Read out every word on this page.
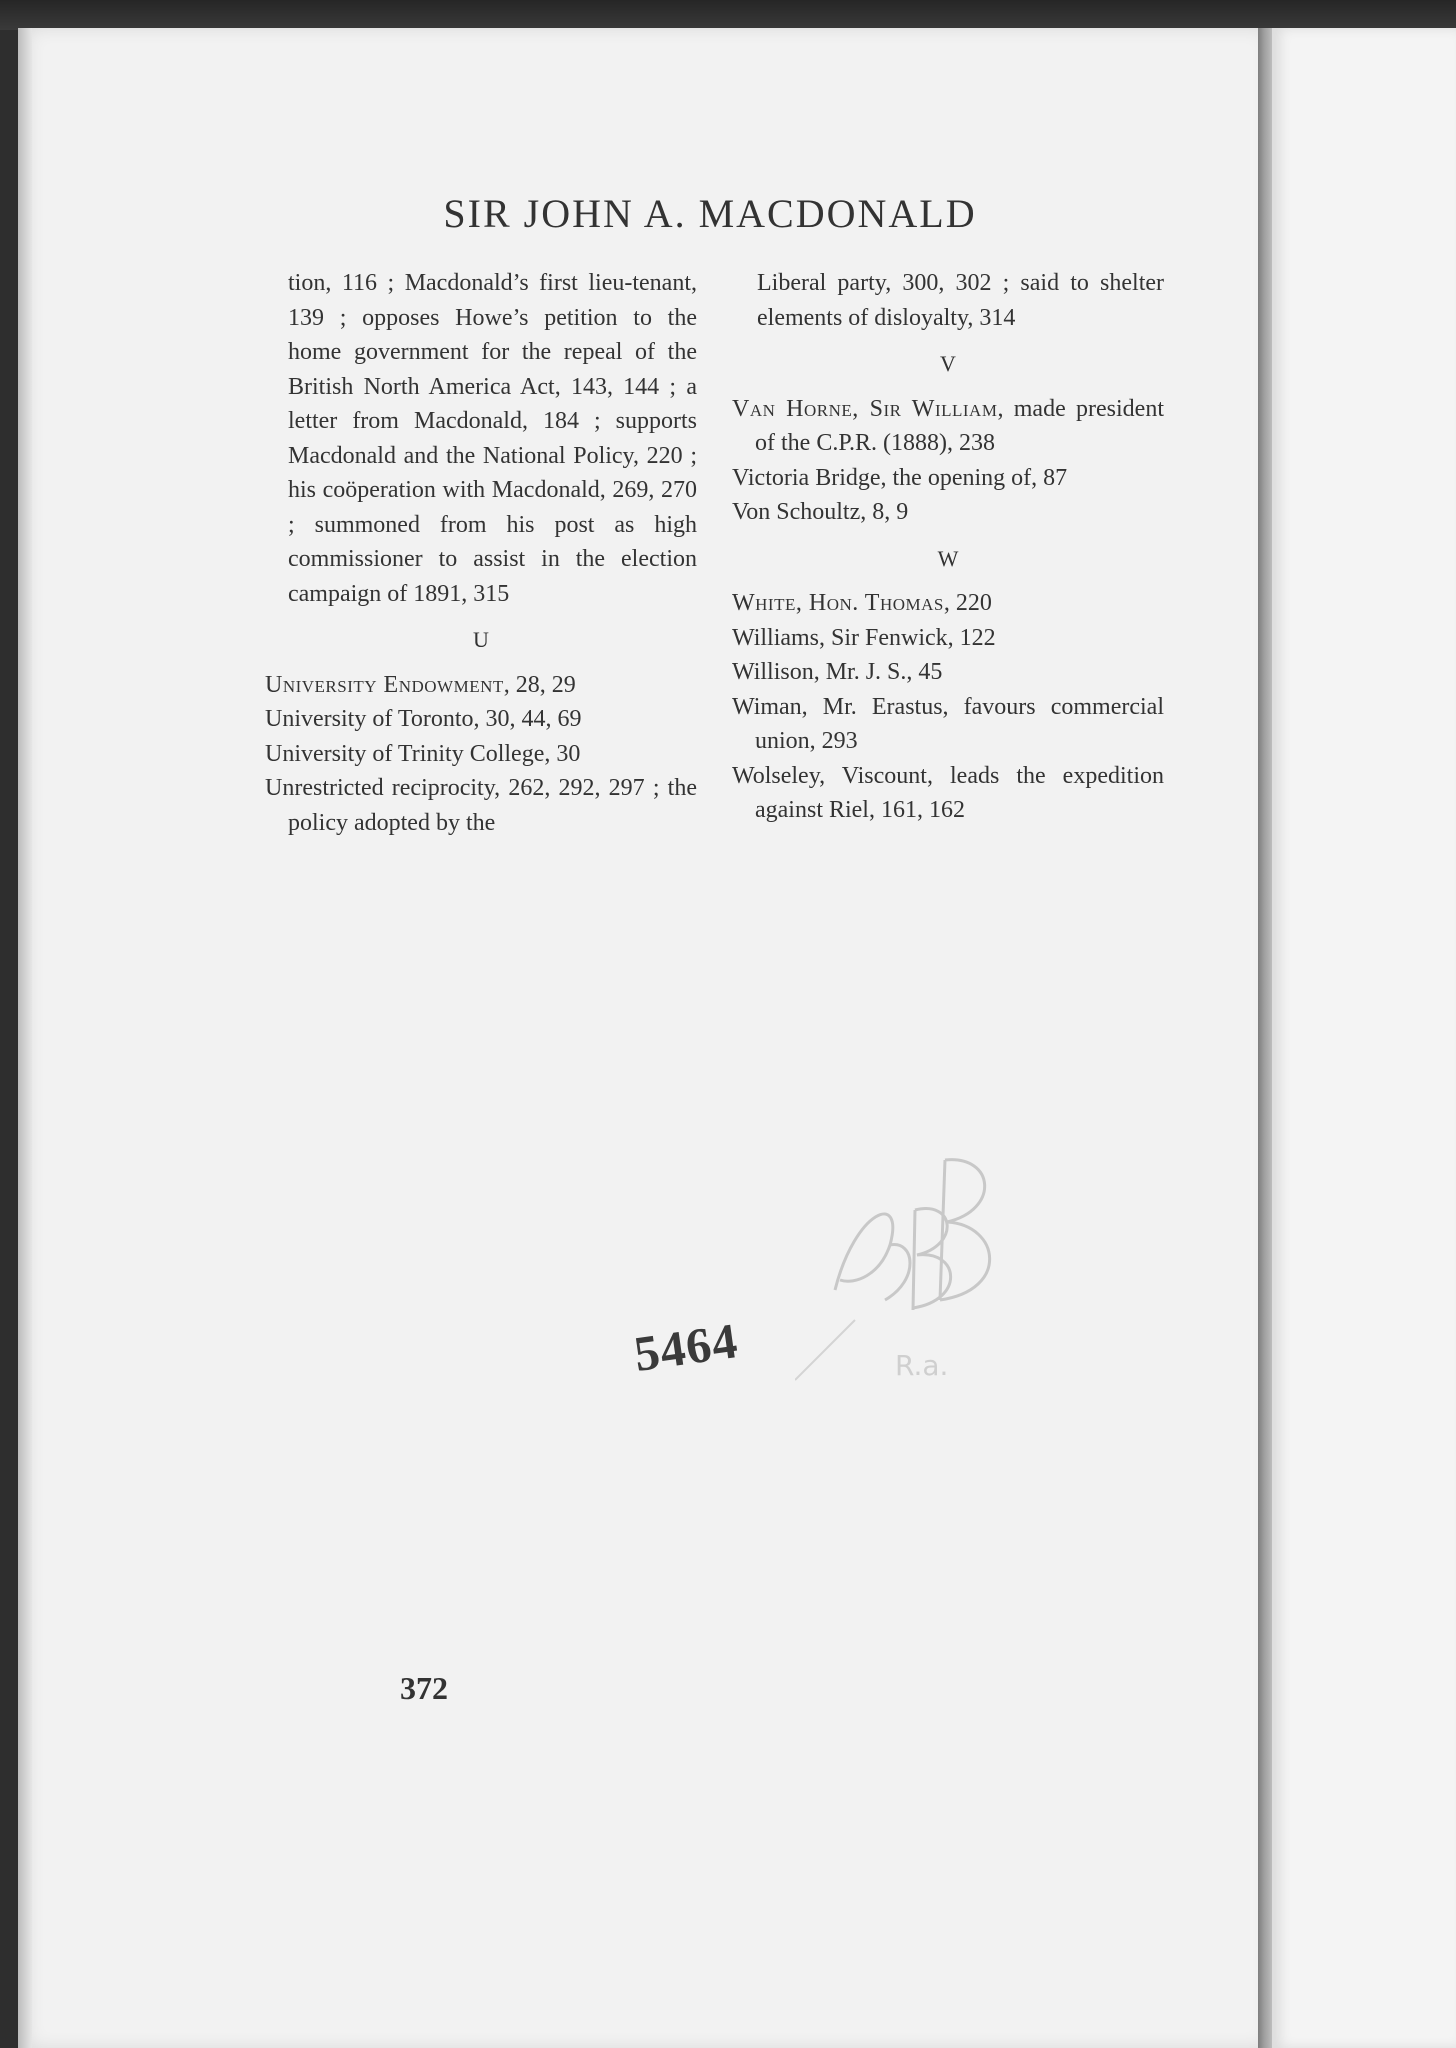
SIR JOHN A. MACDONALD

tion, 116 ; Macdonald’s first lieu-tenant, 139 ; opposes Howe’s petition to the home government for the repeal of the British North America Act, 143, 144 ; a letter from Macdonald, 184 ; supports Macdonald and the National Policy, 220 ; his coöperation with Macdonald, 269, 270 ; summoned from his post as high commissioner to assist in the election campaign of 1891, 315

U

University Endowment, 28, 29

University of Toronto, 30, 44, 69

University of Trinity College, 30

Unrestricted reciprocity, 262, 292, 297 ; the policy adopted by the

Liberal party, 300, 302 ; said to shelter elements of disloyalty, 314

V

Van Horne, Sir William, made president of the C.P.R. (1888), 238

Victoria Bridge, the opening of, 87

Von Schoultz, 8, 9

W

White, Hon. Thomas, 220

Williams, Sir Fenwick, 122

Willison, Mr. J. S., 45

Wiman, Mr. Erastus, favours commercial union, 293

Wolseley, Viscount, leads the expedition against Riel, 161, 162

R.a.
5464
372
